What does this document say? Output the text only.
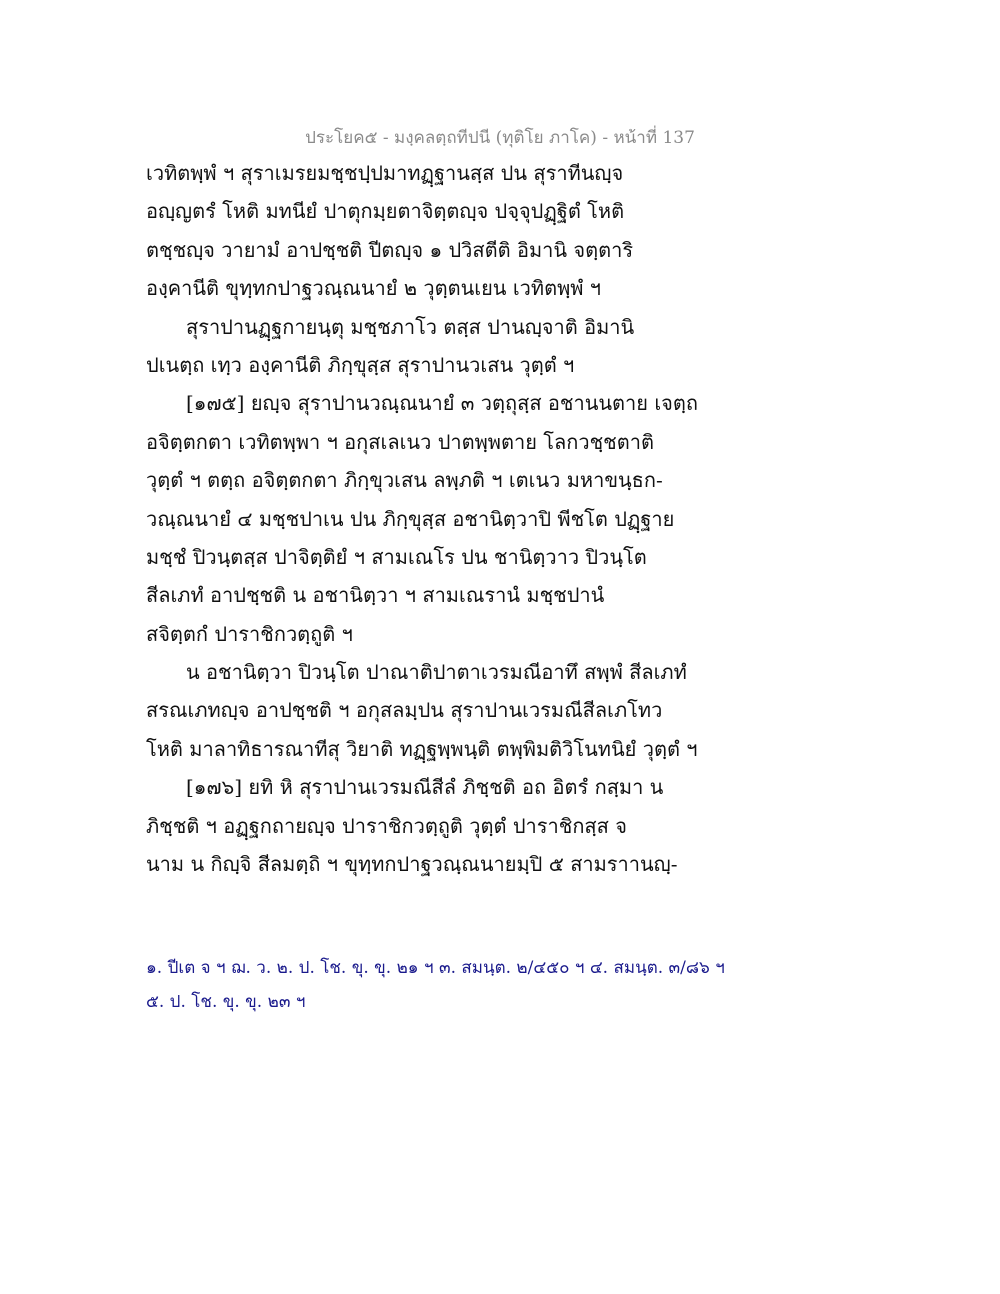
ประโยค๕ - มงฺคลตฺถทีปนี (ทุติโย ภาโค) - หน้าที่ 137
เวทิตพฺพํ ฯ สุราเมรยมชฺชปฺปมาทฏฺฐานสฺส ปน สุราทีนญฺจ
อญฺญตรํ โหติ มทนียํ ปาตุกมฺยตาจิตฺตญฺจ ปจฺจุปฏฺฐิตํ โหติ
ตชฺชญฺจ วายามํ อาปชฺชติ ปีตญฺจ ๑ ปวิสตีติ อิมานิ จตฺตาริ
องฺคานีติ ขุทฺทกปาฐวณฺณนายํ ๒ วุตฺตนเยน เวทิตพฺพํ ฯ
สุราปานฏฺฐกายนฺตุ มชฺชภาโว ตสฺส ปานญฺจาติ อิมานิ
ปเนตฺถ เทฺว องฺคานีติ ภิกฺขุสฺส สุราปานวเสน วุตฺตํ ฯ
[๑๗๕] ยญฺจ สุราปานวณฺณนายํ ๓ วตฺถุสฺส อชานนตาย เจตฺถ
อจิตฺตกตา เวทิตพฺพา ฯ อกุสเลเนว ปาตพฺพตาย โลกวชฺชตาติ
วุตฺตํ ฯ ตตฺถ อจิตฺตกตา ภิกฺขุวเสน ลพฺภติ ฯ เตเนว มหาขนฺธก-
วณฺณนายํ ๔ มชฺชปาเน ปน ภิกฺขุสฺส อชานิตฺวาปิ พีชโต ปฏฺฐาย
มชฺชํ ปิวนฺตสฺส ปาจิตฺติยํ ฯ สามเณโร ปน ชานิตฺวาว ปิวนฺโต
สีลเภทํ อาปชฺชติ น อชานิตฺวา ฯ สามเณรานํ มชฺชปานํ
สจิตฺตกํ ปาราชิกวตฺถูติ ฯ
น อชานิตฺวา ปิวนฺโต ปาณาติปาตาเวรมณีอาทึ สพฺพํ สีลเภทํ
สรณเภทญฺจ อาปชฺชติ ฯ อกุสลมฺปน สุราปานเวรมณีสีลเภโทว
โหติ มาลาทิธารณาทีสุ วิยาติ ทฏฺฐพฺพนฺติ ตพฺพิมติวิโนทนิยํ วุตฺตํ ฯ
[๑๗๖] ยทิ หิ สุราปานเวรมณีสีลํ ภิชฺชติ อถ อิตรํ กสฺมา น
ภิชฺชติ ฯ อฏฺฐกถายญฺจ ปาราชิกวตฺถูติ วุตฺตํ ปาราชิกสฺส จ
นาม น กิญฺจิ สีลมตฺถิ ฯ ขุทฺทกปาฐวณฺณนายมฺปิ ๕ สามราานญฺ-
๑. ปีเต จ ฯ ฌ. ว. ๒. ป. โช. ขุ. ขุ. ๒๑ ฯ ๓. สมนฺต. ๒/๔๕๐ ฯ ๔. สมนฺต. ๓/๘๖ ฯ
๕. ป. โช. ขุ. ขุ. ๒๓ ฯ
